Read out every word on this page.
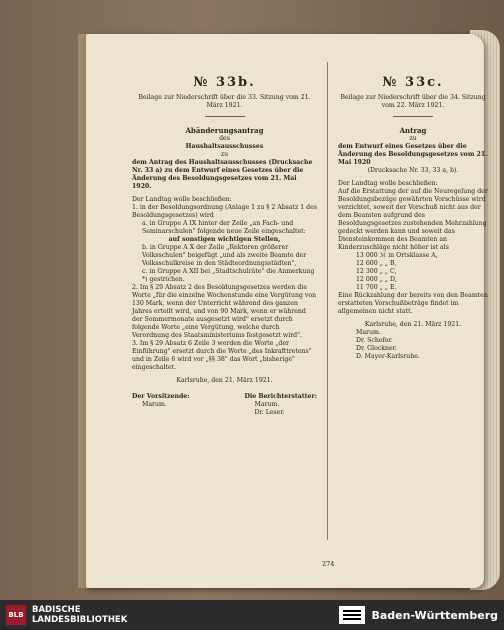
№ 33b.
Beilage zur Niederschrift über die 33. Sitzung vom 21. März 1921.
Abänderungsantrag
des
Haushaltsausschusses
zu

dem Antrag des Haushaltsausschusses (Drucksache Nr. 33 a) zu dem Entwurf eines Gesetzes über die Änderung des Besoldungsgesetzes vom 21. Mai 1920.

Der Landtag wolle beschließen:

1. in der Besoldungsordnung (Anlage 1 zu § 2 Absatz 1 des Besoldungsgesetzes) wird

a. in Gruppe A IX hinter der Zeile „an Fach- und Seminarschulen" folgende neue Zeile eingeschaltet:

auf sonstigen wichtigen Stellen,

b. in Gruppe A X der Zeile „Rektoren größerer Volksschulen" beigefügt „und als zweite Beamte der Volksschulkreise in den Städteordnungsstädten",

c. in Gruppe A XII bei „Stadtschulräte" die Anmerkung *) gestrichen.

2. Im § 29 Absatz 2 des Besoldungsgesetzes werden die Worte „für die einzelne Wochenstunde eine Vergütung von 130 Mark, wenn der Unterricht während des ganzen Jahres erteilt wird, und von 90 Mark, wenn er während der Sommermonate ausgesetzt wird" ersetzt durch folgende Worte „eine Vergütung, welche durch Verordnung des Staatsministeriums festgesetzt wird".

3. Im § 29 Absatz 6 Zeile 3 werden die Worte „der Einführung" ersetzt durch die Worte „des Inkrafttretens" und in Zeile 6 wird vor „§§ 38" das Wort „bisherige" eingeschaltet.

Karlsruhe, den 21. März 1921.

Der Vorsitzende:
Marum.
Die Berichterstatter:
Marum.
Dr. Leser.
№ 33c.
Beilage zur Niederschrift über die 34. Sitzung vom 22. März 1921.
Antrag
zu

dem Entwurf eines Gesetzes über die Änderung des Besoldungsgesetzes vom 21. Mai 1920

(Drucksache Nr. 33, 33 a, b).

Der Landtag wolle beschließen:

Auf die Erstattung der auf die Neuregelung der Besoldungsbezüge gewährten Vorschüsse wird verzichtet, soweit der Vorschuß nicht aus der dem Beamten aufgrund des Besoldungsgesetzes zustehenden Mehrzahlung gedeckt werden kann und soweit das Diensteinkommen des Beamten an Kinderzuschläge nicht höher ist als

13 000 ℳ in Ortsklasse A,
12 600 „ „ B,
12 300 „ „ C,
12 000 „ „ D,
11 700 „ „ E.

Eine Rückzahlung der bereits von den Beamten erstatteten Vorschußbeträge findet im allgemeinen nicht statt.

Karlsruhe, den 21. März 1921.

Marum.
Dr. Schofer.
Dr. Glockner.
D. Mayer-Karlsruhe.
274
BLB BADISCHE
LANDESBIBLIOTHEK	Baden-Württemberg
